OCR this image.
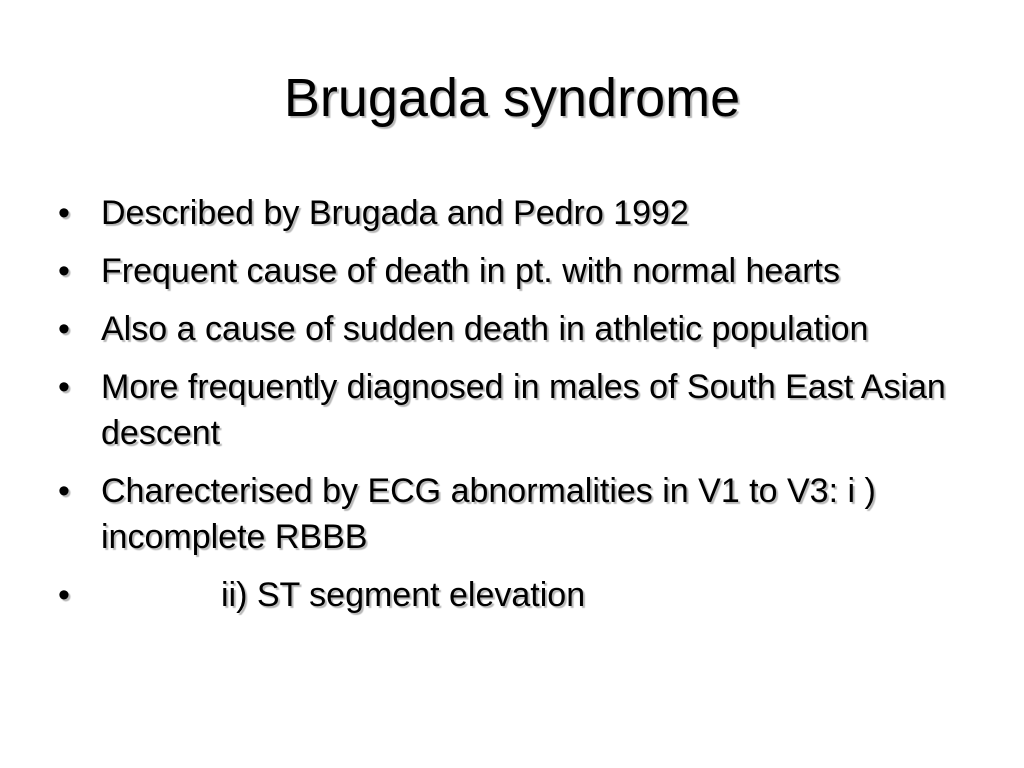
Brugada syndrome
• Described by Brugada and Pedro 1992
• Frequent cause of death in pt. with normal hearts
• Also a cause of sudden death in athletic population
• More frequently diagnosed in males of South East Asian descent
• Charecterised by ECG abnormalities in V1 to V3: i ) incomplete RBBB
•	ii) ST segment elevation
